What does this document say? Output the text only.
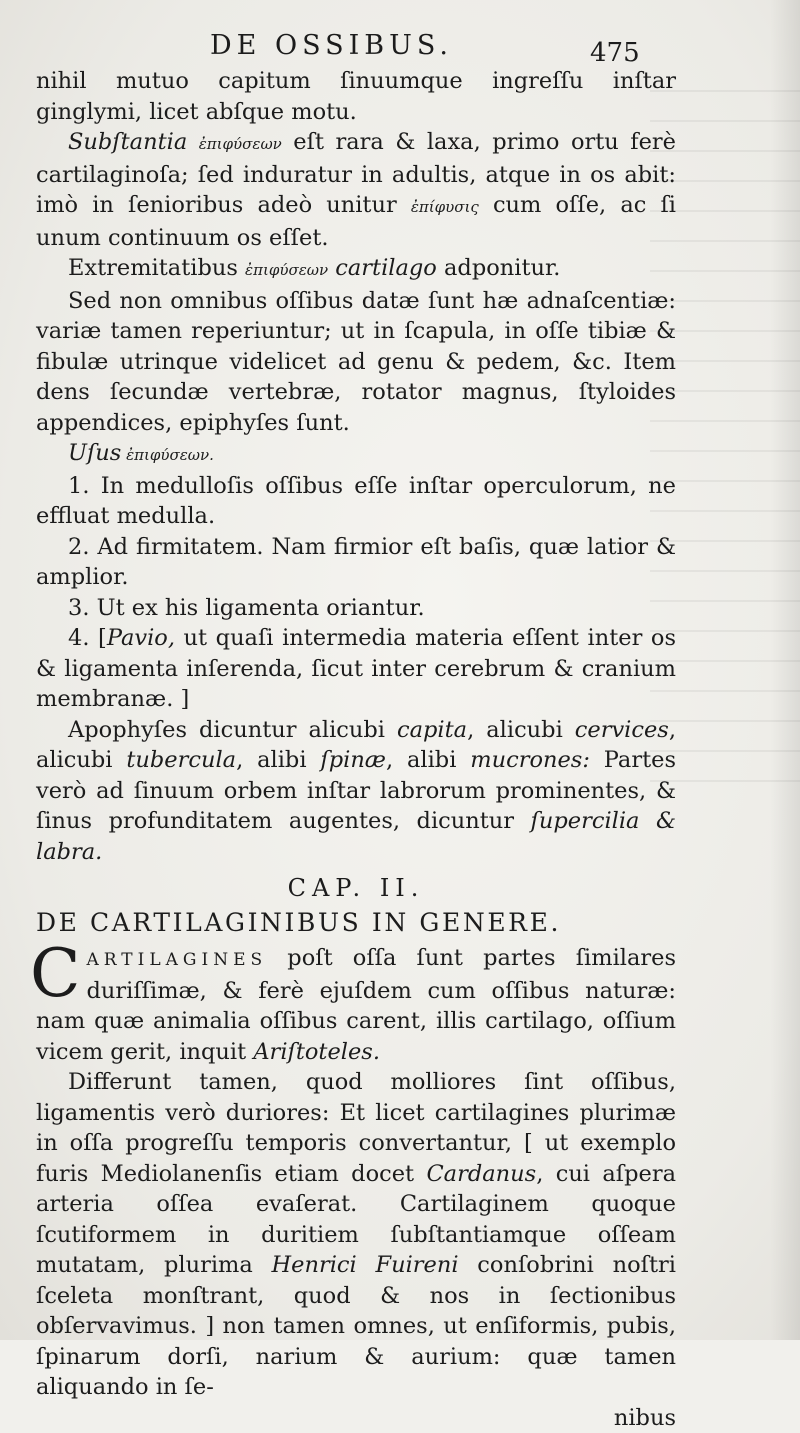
DE OSSIBUS.	475

nihil mutuo capitum ſinuumque ingreſſu inſtar ginglymi, licet abſque motu.

Subſtantia ἐπιφύσεων eſt rara & laxa, primo ortu ferè cartilaginoſa; ſed induratur in adultis, atque in os abit: imò in ſenioribus adeò unitur ἐπίφυσις cum oſſe, ac ſi unum continuum os eſſet.

Extremitatibus ἐπιφύσεων cartilago adponitur.

Sed non omnibus oſſibus datæ ſunt hæ adnaſcentiæ: variæ tamen reperiuntur; ut in ſcapula, in oſſe tibiæ & fibulæ utrinque videlicet ad genu & pedem, &c. Item dens ſecundæ vertebræ, rotator magnus, ſtyloides appendices, epiphyſes ſunt.

Uſus ἐπιφύσεων.

1. In medulloſis oſſibus eſſe inſtar operculorum, ne effluat medulla.

2. Ad firmitatem. Nam firmior eſt baſis, quæ latior & amplior.

3. Ut ex his ligamenta oriantur.

4. [Pavio, ut quaſi intermedia materia eſſent inter os & ligamenta inſerenda, ſicut inter cerebrum & cranium membranæ. ]

Apophyſes dicuntur alicubi capita, alicubi cervices, alicubi tubercula, alibi ſpinæ, alibi mucrones: Partes verò ad ſinuum orbem inſtar labrorum prominentes, & ſinus profunditatem augentes, dicuntur ſupercilia & labra.

CAP. II.
DE CARTILAGINIBUS IN GENERE.

CARTILAGINES poſt oſſa ſunt partes ſimilares duriſſimæ, & ferè ejuſdem cum oſſibus naturæ: nam quæ animalia oſſibus carent, illis cartilago, oſſium vicem gerit, inquit Ariſtoteles.

Differunt tamen, quod molliores ſint oſſibus, ligamentis verò duriores: Et licet cartilagines plurimæ in oſſa progreſſu temporis convertantur, [ ut exemplo furis Mediolanenſis etiam docet Cardanus, cui aſpera arteria oſſea evaſerat. Cartilaginem quoque ſcutiformem in duritiem ſubſtantiamque oſſeam mutatam, plurima Henrici Fuireni conſobrini noſtri ſceleta monſtrant, quod & nos in ſectionibus obſervavimus. ] non tamen omnes, ut enſiformis, pubis, ſpinarum dorſi, narium & aurium: quæ tamen aliquando in ſe-

nibus
